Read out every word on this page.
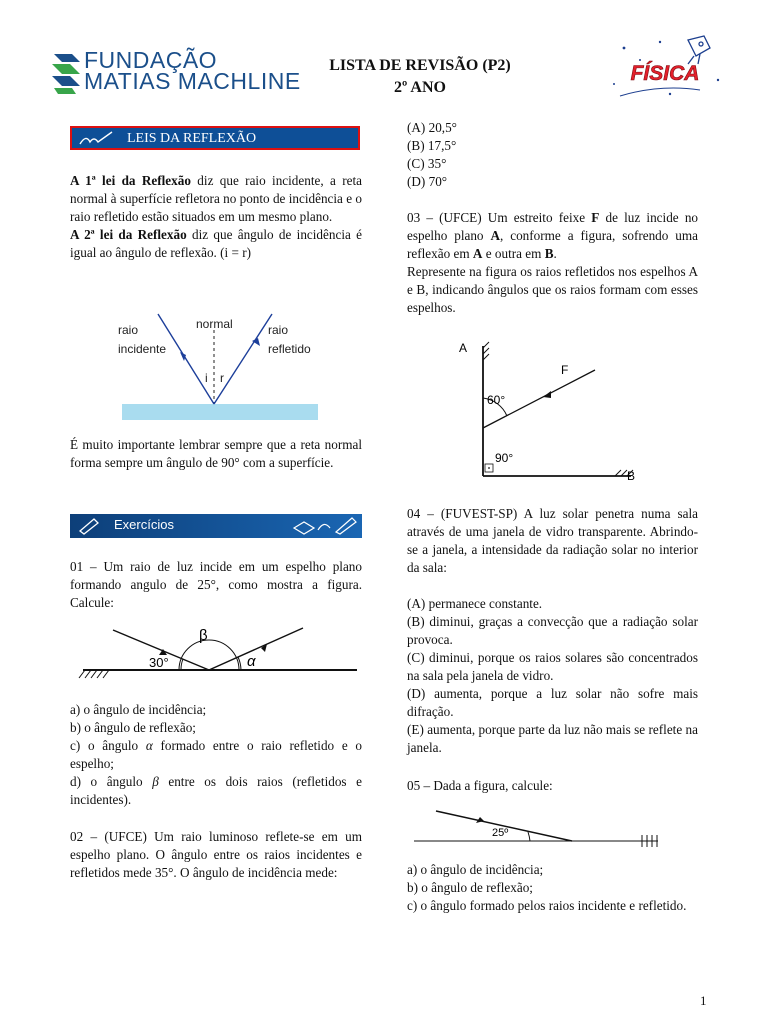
FUNDAÇÃO
MATIAS MACHLINE
LISTA DE REVISÃO (P2)
2º ANO
FÍSICA
LEIS DA REFLEXÃO

A 1ª lei da Reflexão diz que raio incidente, a reta normal à superfície refletora no ponto de incidência e o raio refletido estão situados em um mesmo plano.

A 2ª lei da Reflexão diz que ângulo de incidência é igual ao ângulo de reflexão. (i = r)

raio
incidente
normal	raio
refletido
i r
É muito importante lembrar sempre que a reta normal forma sempre um ângulo de 90° com a superfície.
Exercícios
01 – Um raio de luz incide em um espelho plano formando angulo de 25°, como mostra a figura. Calcule:
β
30°	α

a) o ângulo de incidência;

b) o ângulo de reflexão;

c) o ângulo α formado entre o raio refletido e o espelho;

d) o ângulo β entre os dois raios (refletidos e incidentes).

02 – (UFCE) Um raio luminoso reflete-se em um espelho plano. O ângulo entre os raios incidentes e refletidos mede 35°. O ângulo de incidência mede:

(A) 20,5°

(B) 17,5°

(C) 35°

(D) 70°

03 – (UFCE) Um estreito feixe F de luz incide no espelho plano A, conforme a figura, sofrendo uma reflexão em A e outra em B.

Represente na figura os raios refletidos nos espelhos A e B, indicando ângulos que os raios formam com esses espelhos.

A
F
60°
90°
B
04 – (FUVEST-SP) A luz solar penetra numa sala através de uma janela de vidro transparente. Abrindo-se a janela, a intensidade da radiação solar no interior da sala:

(A) permanece constante.

(B) diminui, graças a convecção que a radiação solar provoca.

(C) diminui, porque os raios solares são concentrados na sala pela janela de vidro.

(D) aumenta, porque a luz solar não sofre mais difração.

(E) aumenta, porque parte da luz não mais se reflete na janela.

05 – Dada a figura, calcule:
25º

a) o ângulo de incidência;

b) o ângulo de reflexão;

c) o ângulo formado pelos raios incidente e refletido.

1
